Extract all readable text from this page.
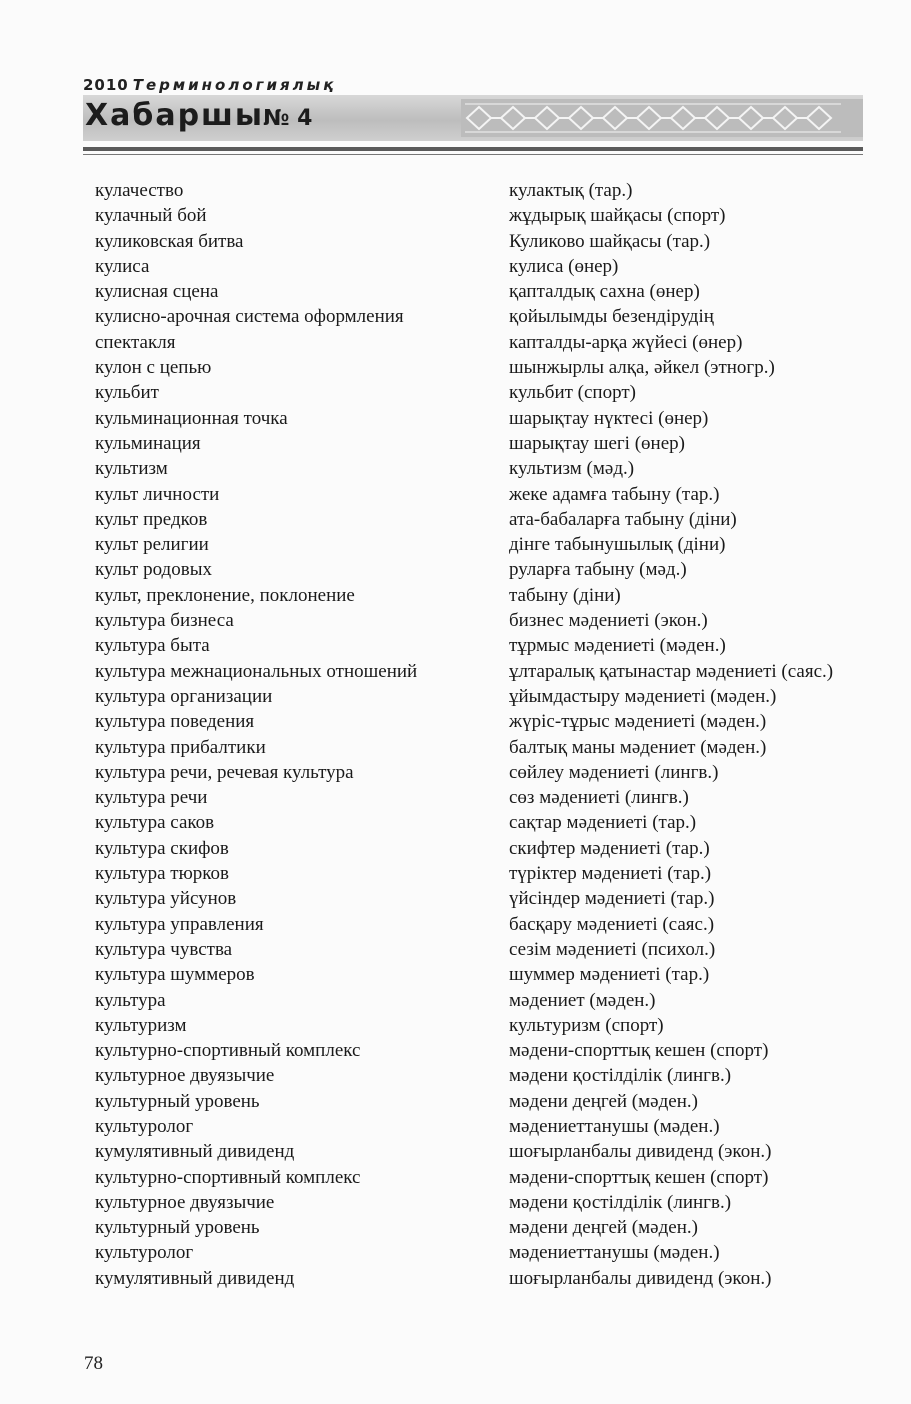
2010 Терминологиялық
Хабаршы
№ 4
кулачество	кулактық (тар.)
кулачный бой	жұдырық шайқасы (спорт)
куликовская битва	Куликово шайқасы (тар.)
кулиса	кулиса (өнер)
кулисная сцена	қапталдық сахна (өнер)
кулисно-арочная система оформления	қойылымды безендірудің
спектакля	капталды-арқа жүйесі (өнер)
кулон с цепью	шынжырлы алқа, әйкел (этногр.)
кульбит	кульбит (спорт)
кульминационная точка	шарықтау нүктесі (өнер)
кульминация	шарықтау шегі (өнер)
культизм	культизм (мәд.)
культ личности	жеке адамға табыну (тар.)
культ предков	ата-бабаларға табыну (діни)
культ религии	дінге табынушылық (діни)
культ родовых	руларға табыну (мәд.)
культ, преклонение, поклонение	табыну (діни)
культура бизнеса	бизнес мәдениеті (экон.)
культура быта	тұрмыс мәдениеті (мәден.)
культура межнациональных отношений	ұлтаралық қатынастар мәдениеті (саяс.)
культура организации	ұйымдастыру мәдениеті (мәден.)
культура поведения	жүріс-тұрыс мәдениеті (мәден.)
культура прибалтики	балтық маны мәдениет (мәден.)
культура речи, речевая культура	сөйлеу мәдениеті (лингв.)
культура речи	сөз мәдениеті (лингв.)
культура саков	сақтар мәдениеті (тар.)
культура скифов	скифтер мәдениеті (тар.)
культура тюрков	түріктер мәдениеті (тар.)
культура уйсунов	үйсіндер мәдениеті (тар.)
культура управления	басқару мәдениеті (саяс.)
культура чувства	сезім мәдениеті (психол.)
культура шуммеров	шуммер мәдениеті (тар.)
культура	мәдениет (мәден.)
культуризм	культуризм (спорт)
культурно-спортивный комплекс	мәдени-спорттық кешен (спорт)
культурное двуязычие	мәдени қостілділік (лингв.)
культурный уровень	мәдени деңгей (мәден.)
культуролог	мәдениеттанушы (мәден.)
кумулятивный дивиденд	шоғырланбалы дивиденд (экон.)
культурно-спортивный комплекс	мәдени-спорттық кешен (спорт)
культурное двуязычие	мәдени қостілділік (лингв.)
культурный уровень	мәдени деңгей (мәден.)
культуролог	мәдениеттанушы (мәден.)
кумулятивный дивиденд	шоғырланбалы дивиденд (экон.)
78
